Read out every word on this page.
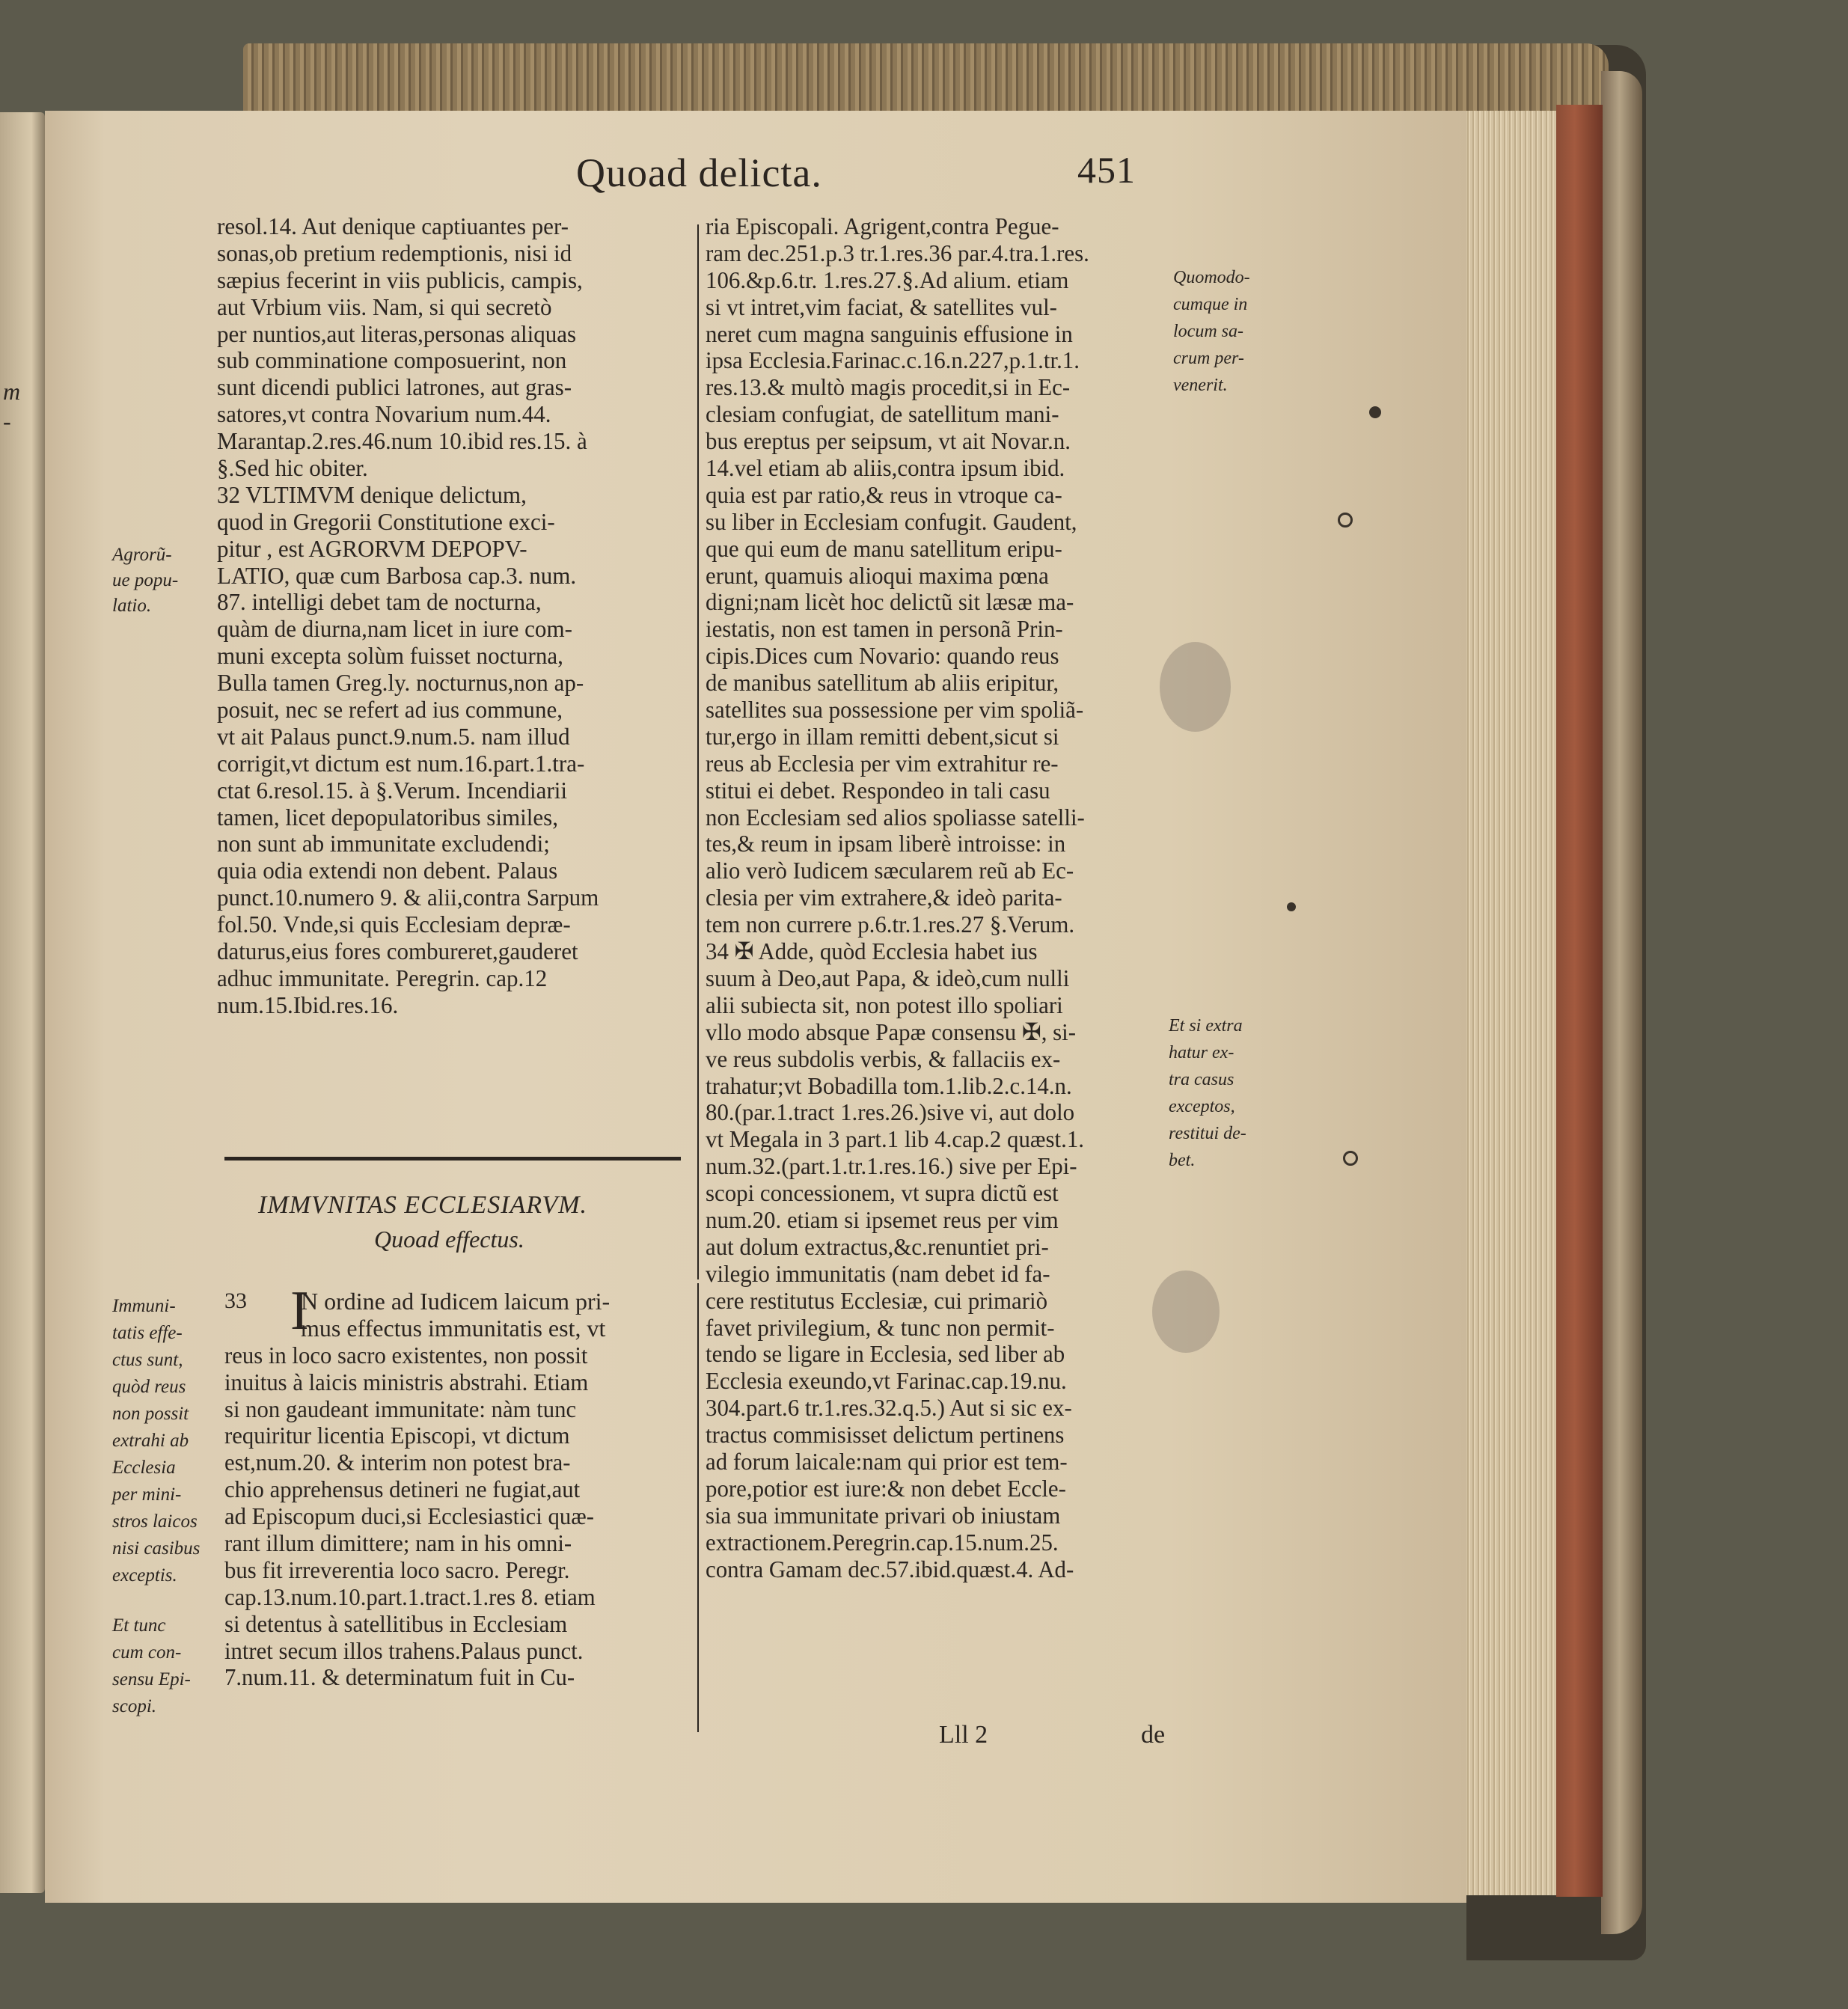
m
-
Quoad delicta.	451

resol.14. Aut denique captiuantes per-

sonas,ob pretium redemptionis, nisi id

sæpius fecerint in viis publicis, campis,

aut Vrbium viis. Nam, si qui secretò

per nuntios,aut literas,personas aliquas

sub comminatione composuerint, non

sunt dicendi publici latrones, aut gras-

satores,vt contra Novarium num.44.

Marantap.2.res.46.num 10.ibid res.15. à

§.Sed hic obiter.

32 VLTIMVM denique delictum,

quod in Gregorii Constitutione exci-

pitur , est AGRORVM DEPOPV-

LATIO, quæ cum Barbosa cap.3. num.

87. intelligi debet tam de nocturna,

quàm de diurna,nam licet in iure com-

muni excepta solùm fuisset nocturna,

Bulla tamen Greg.ly. nocturnus,non ap-

posuit, nec se refert ad ius commune,

vt ait Palaus punct.9.num.5. nam illud

corrigit,vt dictum est num.16.part.1.tra-

ctat 6.resol.15. à §.Verum. Incendiarii

tamen, licet depopulatoribus similes,

non sunt ab immunitate excludendi;

quia odia extendi non debent. Palaus

punct.10.numero 9. & alii,contra Sarpum

fol.50. Vnde,si quis Ecclesiam depræ-

daturus,eius fores combureret,gauderet

adhuc immunitate. Peregrin. cap.12

num.15.Ibid.res.16.

IMMVNITAS ECCLESIARVM.
Quoad effectus.
33 I

N ordine ad Iudicem laicum pri-

mus effectus immunitatis est, vt

reus in loco sacro existentes, non possit

inuitus à laicis ministris abstrahi. Etiam

si non gaudeant immunitate: nàm tunc

requiritur licentia Episcopi, vt dictum

est,num.20. & interim non potest bra-

chio apprehensus detineri ne fugiat,aut

ad Episcopum duci,si Ecclesiastici quæ-

rant illum dimittere; nam in his omni-

bus fit irreverentia loco sacro. Peregr.

cap.13.num.10.part.1.tract.1.res 8. etiam

si detentus à satellitibus in Ecclesiam

intret secum illos trahens.Palaus punct.

7.num.11. & determinatum fuit in Cu-

Agrorũ-

ue popu-

latio.

Immuni-

tatis effe-

ctus sunt,

quòd reus

non possit

extrahi ab

Ecclesia

per mini-

stros laicos

nisi casibus

exceptis.

Et tunc

cum con-

sensu Epi-

scopi.

ria Episcopali. Agrigent,contra Pegue-

ram dec.251.p.3 tr.1.res.36 par.4.tra.1.res.

106.&p.6.tr. 1.res.27.§.Ad alium. etiam

si vt intret,vim faciat, & satellites vul-

neret cum magna sanguinis effusione in

ipsa Ecclesia.Farinac.c.16.n.227,p.1.tr.1.

res.13.& multò magis procedit,si in Ec-

clesiam confugiat, de satellitum mani-

bus ereptus per seipsum, vt ait Novar.n.

14.vel etiam ab aliis,contra ipsum ibid.

quia est par ratio,& reus in vtroque ca-

su liber in Ecclesiam confugit. Gaudent,

que qui eum de manu satellitum eripu-

erunt, quamuis alioqui maxima pœna

digni;nam licèt hoc delictũ sit læsæ ma-

iestatis, non est tamen in personã Prin-

cipis.Dices cum Novario: quando reus

de manibus satellitum ab aliis eripitur,

satellites sua possessione per vim spoliã-

tur,ergo in illam remitti debent,sicut si

reus ab Ecclesia per vim extrahitur re-

stitui ei debet. Respondeo in tali casu

non Ecclesiam sed alios spoliasse satelli-

tes,& reum in ipsam liberè introisse: in

alio verò Iudicem sæcularem reũ ab Ec-

clesia per vim extrahere,& ideò parita-

tem non currere p.6.tr.1.res.27 §.Verum.

34 ✠ Adde, quòd Ecclesia habet ius

suum à Deo,aut Papa, & ideò,cum nulli

alii subiecta sit, non potest illo spoliari

vllo modo absque Papæ consensu ✠, si-

ve reus subdolis verbis, & fallaciis ex-

trahatur;vt Bobadilla tom.1.lib.2.c.14.n.

80.(par.1.tract 1.res.26.)sive vi, aut dolo

vt Megala in 3 part.1 lib 4.cap.2 quæst.1.

num.32.(part.1.tr.1.res.16.) sive per Epi-

scopi concessionem, vt supra dictũ est

num.20. etiam si ipsemet reus per vim

aut dolum extractus,&c.renuntiet pri-

vilegio immunitatis (nam debet id fa-

cere restitutus Ecclesiæ, cui primariò

favet privilegium, & tunc non permit-

tendo se ligare in Ecclesia, sed liber ab

Ecclesia exeundo,vt Farinac.cap.19.nu.

304.part.6 tr.1.res.32.q.5.) Aut si sic ex-

tractus commisisset delictum pertinens

ad forum laicale:nam qui prior est tem-

pore,potior est iure:& non debet Eccle-

sia sua immunitate privari ob iniustam

extractionem.Peregrin.cap.15.num.25.

contra Gamam dec.57.ibid.quæst.4. Ad-

Quomodo-

cumque in

locum sa-

crum per-

venerit.

Et si extra

hatur ex-

tra casus

exceptos,

restitui de-

bet.

Lll 2	de
